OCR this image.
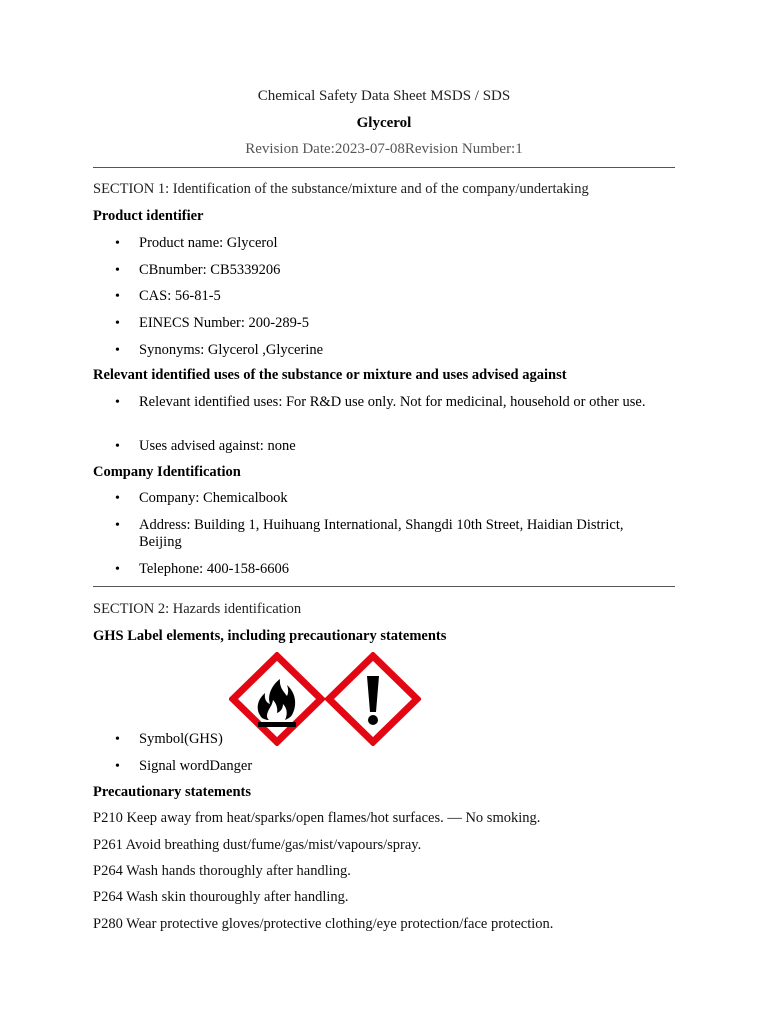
Chemical Safety Data Sheet MSDS / SDS
Glycerol
Revision Date:2023-07-08Revision Number:1
SECTION 1: Identification of the substance/mixture and of the company/undertaking
Product identifier
• Product name: Glycerol
• CBnumber: CB5339206
• CAS: 56-81-5
• EINECS Number: 200-289-5
• Synonyms: Glycerol ,Glycerine
Relevant identified uses of the substance or mixture and uses advised against
• Relevant identified uses: For R&D use only. Not for medicinal, household or other use.
• Uses advised against: none
Company Identification
• Company: Chemicalbook
• Address: Building 1, Huihuang International, Shangdi 10th Street, Haidian District, Beijing
• Telephone: 400-158-6606
SECTION 2: Hazards identification
GHS Label elements, including precautionary statements
• Symbol(GHS)
• Signal wordDanger
Precautionary statements
P210 Keep away from heat/sparks/open flames/hot surfaces. — No smoking.
P261 Avoid breathing dust/fume/gas/mist/vapours/spray.
P264 Wash hands thoroughly after handling.
P264 Wash skin thouroughly after handling.
P280 Wear protective gloves/protective clothing/eye protection/face protection.
